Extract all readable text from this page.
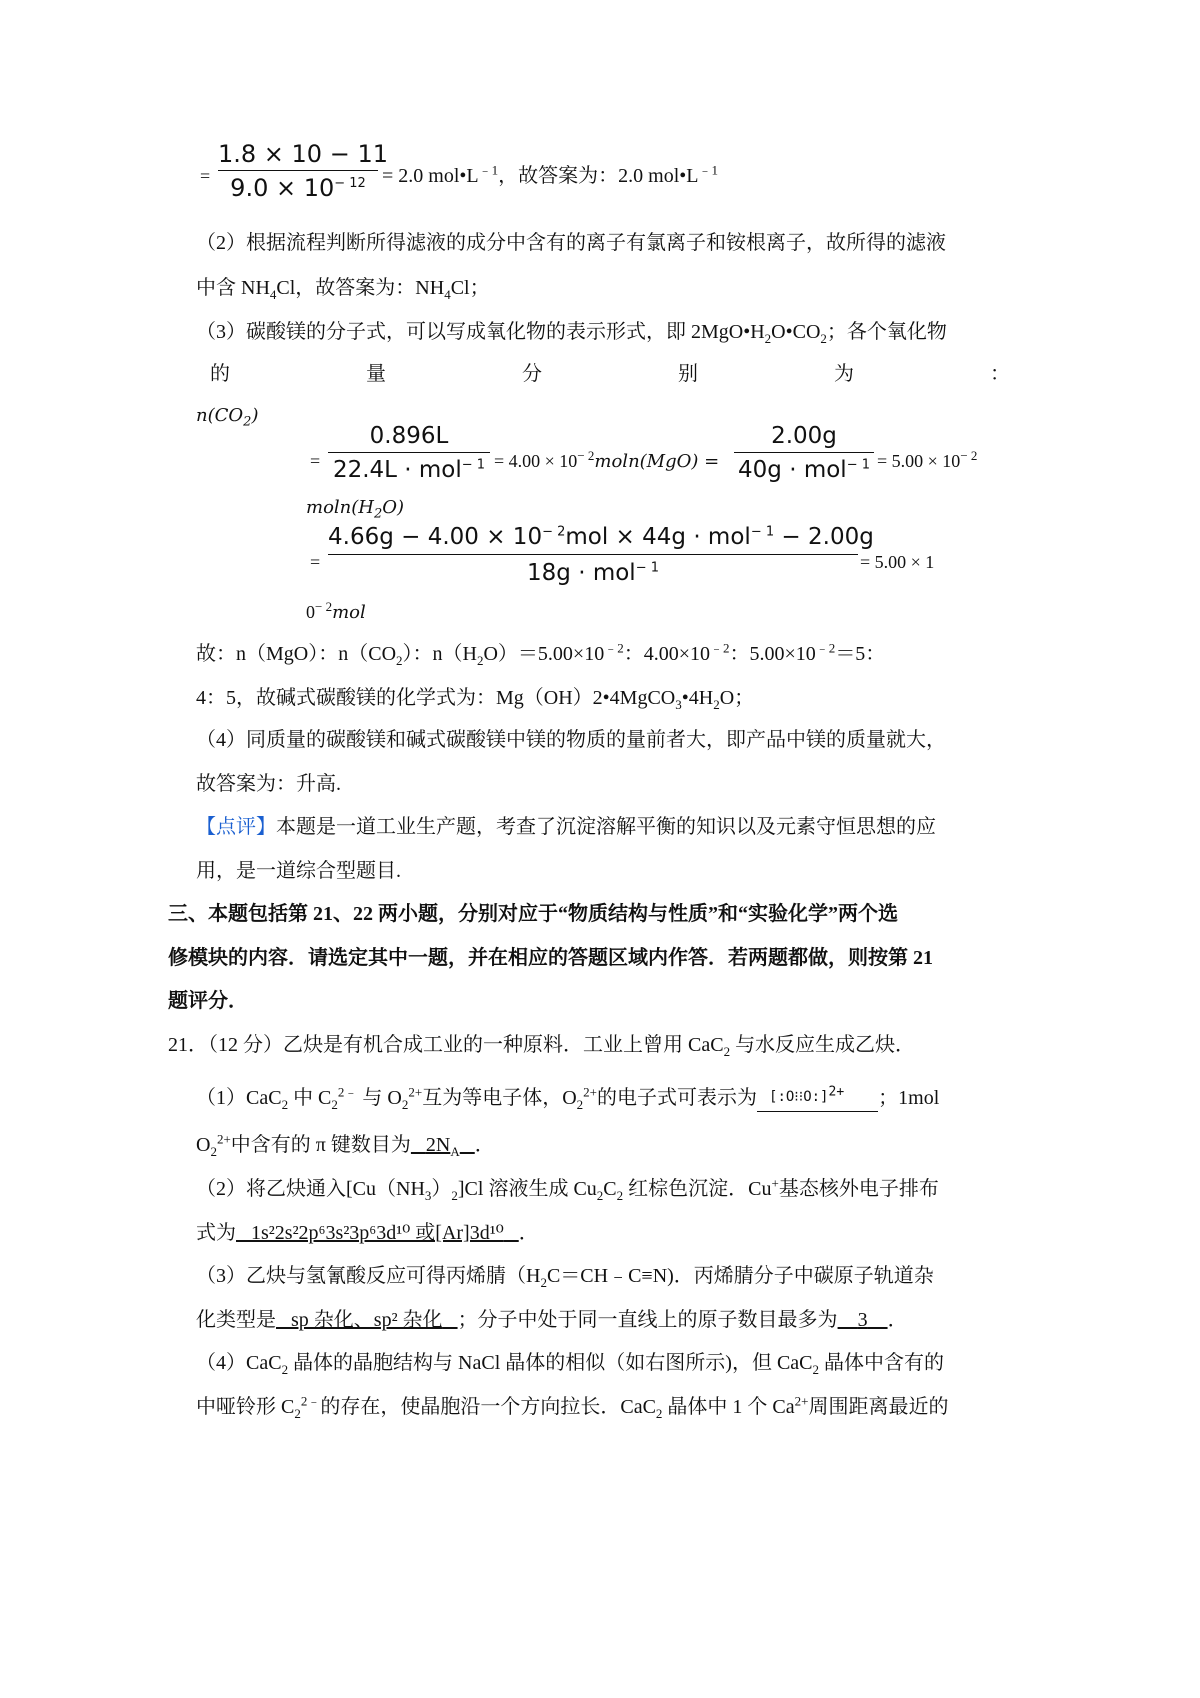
=
1.8 × 10 − 11
$9.0 \times 10^{- 12} = 2.0$ $mol•L^{﹣1}$，故答案为：2.0 $mol•L^{﹣1}$
（2）根据流程判断所得滤液的成分中含有的离子有氯离子和铵根离子，故所得的滤液
中含 $NH_4Cl$，故答案为：$NH_4Cl$；
（3）碳酸镁的分子式，可以写成氧化物的表示形式，即 $2MgO•H_2O•CO_2$；各个氧化物
的	量	分	别	为	：
$n(CO_2)$
=
0.896L
$22.4L \cdot mol^{- 1} = 4.00 \times 10^{- 2}moln(MgO)$ =
2.00g
$40g \cdot mol^{- 1} = 5.00 \times 10^{- 2}$
$moln(H_2O)$
=
$4.66g - 4.00 \times 10^{- 2}mol \times 44g \cdot mol^{- 1} - 2.00g$
18g · mol$^{- 1}$	= 5.00 × 1
$0^{- 2}mol$
故：n（MgO）：$n(CO_2)$：$n(H_2O)=5.00\times 10^{﹣2}$：$4.00\times 10^{﹣2}$：$5.00\times 10^{﹣2}=5$：
4：5，故碱式碳酸镁的化学式为：$Mg(OH)2•4MgCO_3•4H_2O$；
（4）同质量的碳酸镁和碱式碳酸镁中镁的物质的量前者大，即产品中镁的质量就大，
故答案为：升高.
【点评】本题是一道工业生产题，考查了沉淀溶解平衡的知识以及元素守恒思想的应
用，是一道综合型题目.
三、本题包括第 21、22 两小题，分别对应于“物质结构与性质”和“实验化学”两个选
修模块的内容．请选定其中一题，并在相应的答题区域内作答．若两题都做，则按第 21
题评分．
21．（12 分）乙炔是有机合成工业的一种原料．工业上曾用 CaC$_2$ 与水反应生成乙炔．
（1）CaC$_2$ 中 $C_2^{2﹣}$ 与 $O_2^{2+}$互为等电子体，$O_2^{2+}$的电子式可表示为 [:O⁝⁝O:]$^{2+}$ ；1mol
$O_2^{2+}$中含有的 π 键数目为 $2N_A$ ．
（2）将乙炔通入$[Cu(NH_3)_2]Cl$ 溶液生成 $Cu_2C_2$ 红棕色沉淀．Cu+基态核外电子排布
式为 1s²2s²2p⁶3s²3p⁶3d¹⁰ 或[Ar]3d¹⁰ ．
（3）乙炔与氢氰酸反应可得丙烯腈$(H_2C=CH﹣C\equiv N)$．丙烯腈分子中碳原子轨道杂
化类型是 sp 杂化、sp² 杂化 ；分子中处于同一直线上的原子数目最多为 3 ．
（4）CaC$_2$ 晶体的晶胞结构与 NaCl 晶体的相似（如右图所示)，但 CaC$_2$ 晶体中含有的
中哑铃形 $C_2^{2﹣}$的存在，使晶胞沿一个方向拉长．CaC$_2$ 晶体中 1 个 $Ca^{2+}$周围距离最近的
